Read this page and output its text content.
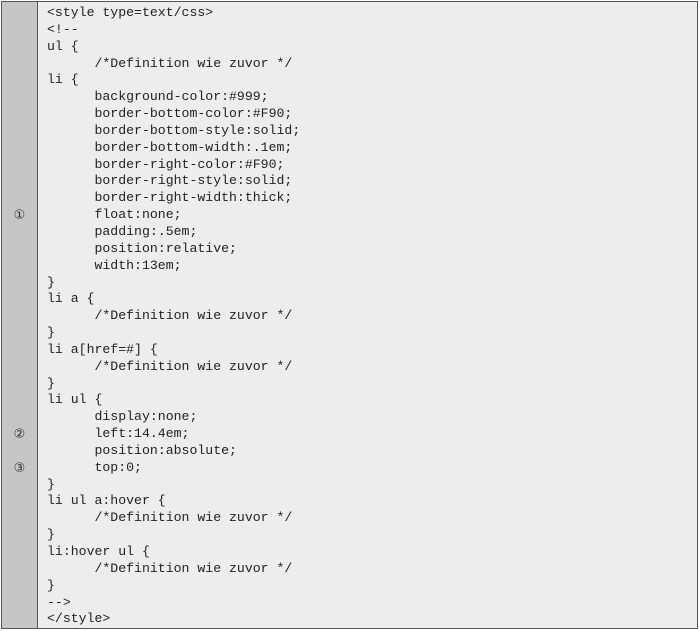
①
②
③
<style type=text/css>
<!--
ul {
/*Definition wie zuvor */
li {
background-color:#999;
border-bottom-color:#F90;
border-bottom-style:solid;
border-bottom-width:.1em;
border-right-color:#F90;
border-right-style:solid;
border-right-width:thick;
float:none;
padding:.5em;
position:relative;
width:13em;
}
li a {
/*Definition wie zuvor */
}
li a[href=#] {
/*Definition wie zuvor */
}
li ul {
display:none;
left:14.4em;
position:absolute;
top:0;
}
li ul a:hover {
/*Definition wie zuvor */
}
li:hover ul {
/*Definition wie zuvor */
}
-->
</style>
